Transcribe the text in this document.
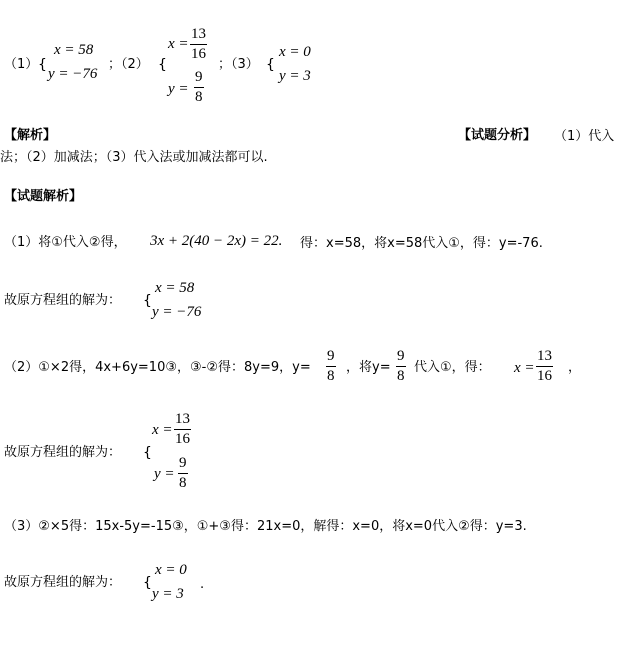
（1） {
x = 58
y = −76
；（2） {
$x = \frac{13}{16}$
$y = \frac{9}{8}$
；（3） {
x = 0
y = 3
【解析】	【试题分析】 （1）代入
法；（2）加减法；（3）代入法或加减法都可以.
【试题解析】
（1）将①代入②得， 3x + 2(40 − 2x) = 22. 得：x=58，将x=58代入①，得：y=-76.
故原方程组的解为： {
x = 58
y = −76
（2）①×2得，4x+6y=10③，③-②得：8y=9，$y= \frac{9}{8}$ ，将$y= \frac{9}{8}$ 代入①，得： $x = \frac{13}{16}$ ，
故原方程组的解为： {
$x = \frac{13}{16}$
$y = \frac{9}{8}$
（3）②×5得：15x-5y=-15③，①+③得：21x=0，解得：x=0，将x=0代入②得：y=3.
故原方程组的解为： {
x = 0
y = 3
.
